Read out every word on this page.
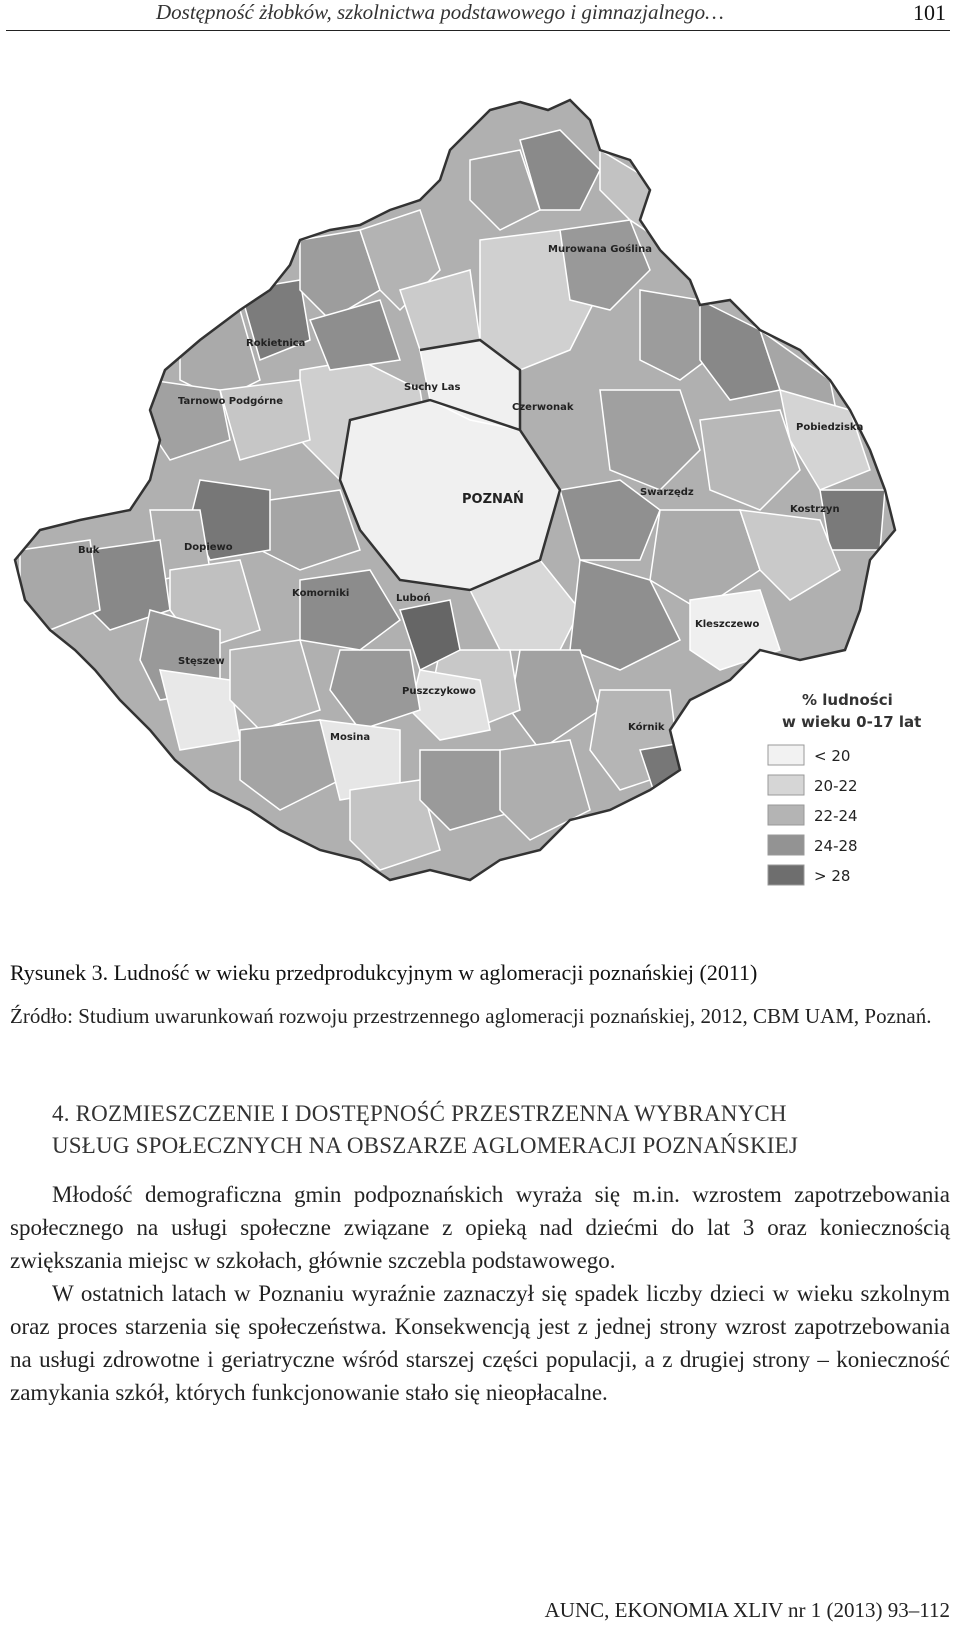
Dostępność żłobków, szkolnictwa podstawowego i gimnazjalnego…	101
Murowana Goślina
Rokietnica
Suchy Las
Czerwonak
Tarnowo Podgórne
Pobiedziska
POZNAŃ	Swarzędz
Kostrzyn
Buk	Dopiewo
Komorniki	Luboń
Kleszczewo
Stęszew
Puszczykowo
Kórnik
Mosina
% ludności
w wieku 0-17 lat
< 20
20-22
22-24
24-28
> 28
Rysunek 3. Ludność w wieku przedprodukcyjnym w aglomeracji poznańskiej (2011)
Źródło: Studium uwarunkowań rozwoju przestrzennego aglomeracji poznańskiej, 2012, CBM UAM, Poznań.
4. ROZMIESZCZENIE I DOSTĘPNOŚĆ PRZESTRZENNA WYBRANYCH
USŁUG SPOŁECZNYCH NA OBSZARZE AGLOMERACJI POZNAŃSKIEJ

Młodość demograficzna gmin podpoznańskich wyraża się m.in. wzrostem zapotrzebowania społecznego na usługi społeczne związane z opieką nad dziećmi do lat 3 oraz koniecznością zwiększania miejsc w szkołach, głównie szczebla podstawowego.

W ostatnich latach w Poznaniu wyraźnie zaznaczył się spadek liczby dzieci w wieku szkolnym oraz proces starzenia się społeczeństwa. Konsekwencją jest z jednej strony wzrost zapotrzebowania na usługi zdrowotne i geriatryczne wśród starszej części populacji, a z drugiej strony – konieczność zamykania szkół, których funkcjonowanie stało się nieopłacalne.

AUNC, EKONOMIA XLIV nr 1 (2013) 93–112
